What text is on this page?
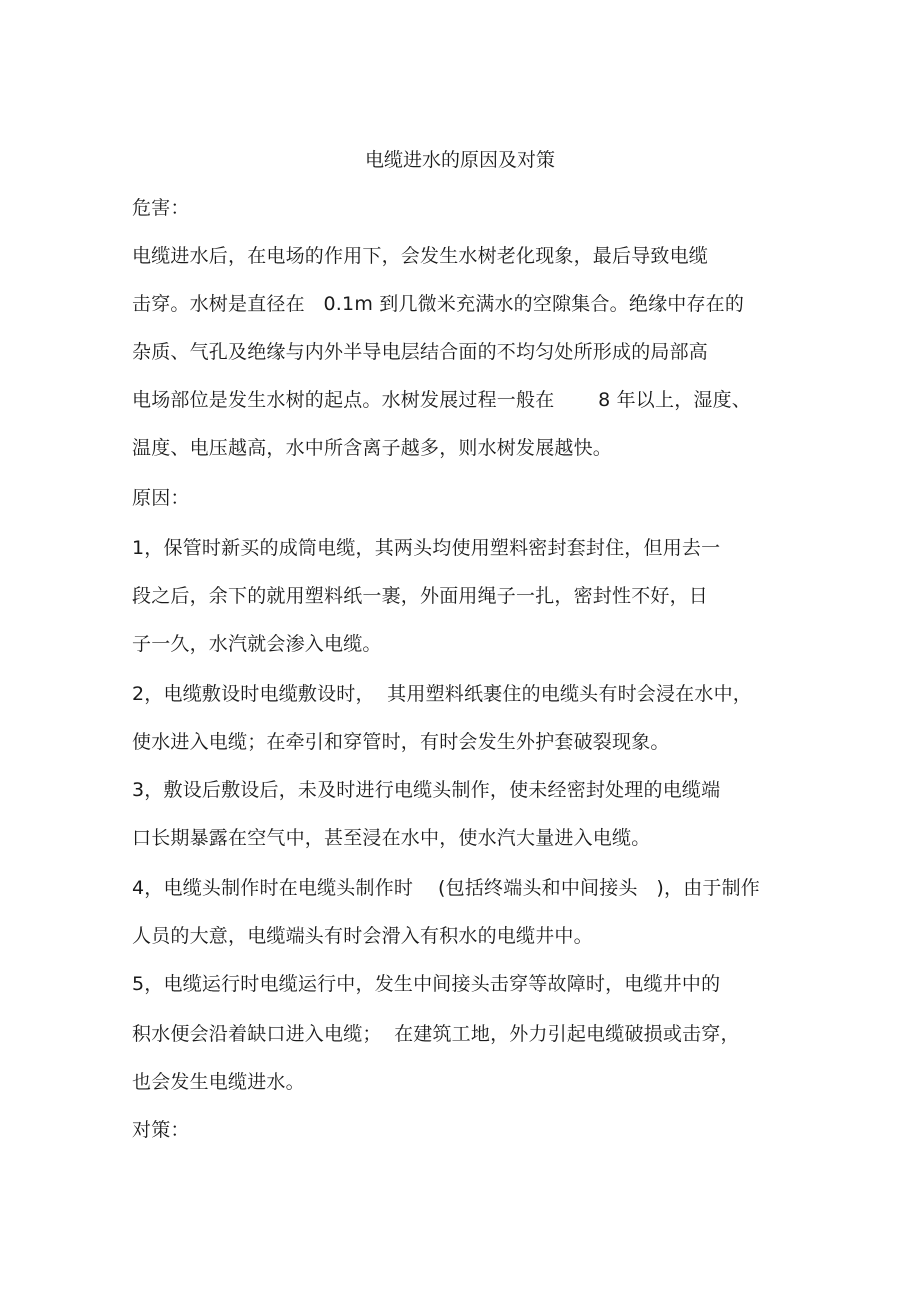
电缆进水的原因及对策
危害：
电缆进水后，在电场的作用下，会发生水树老化现象，最后导致电缆
击穿。水树是直径在   0.1m 到几微米充满水的空隙集合。绝缘中存在的
杂质、气孔及绝缘与内外半导电层结合面的不均匀处所形成的局部高
电场部位是发生水树的起点。水树发展过程一般在       8 年以上，湿度、
温度、电压越高，水中所含离子越多，则水树发展越快。
原因：
1，保管时新买的成筒电缆，其两头均使用塑料密封套封住，但用去一
段之后，余下的就用塑料纸一裹，外面用绳子一扎，密封性不好，日
子一久，水汽就会渗入电缆。
2，电缆敷设时电缆敷设时，  其用塑料纸裹住的电缆头有时会浸在水中，
使水进入电缆；在牵引和穿管时，有时会发生外护套破裂现象。
3，敷设后敷设后，未及时进行电缆头制作，使未经密封处理的电缆端
口长期暴露在空气中，甚至浸在水中，使水汽大量进入电缆。
4，电缆头制作时在电缆头制作时    (包括终端头和中间接头   )，由于制作
人员的大意，电缆端头有时会滑入有积水的电缆井中。
5，电缆运行时电缆运行中，发生中间接头击穿等故障时，电缆井中的
积水便会沿着缺口进入电缆；  在建筑工地，外力引起电缆破损或击穿，
也会发生电缆进水。
对策：
